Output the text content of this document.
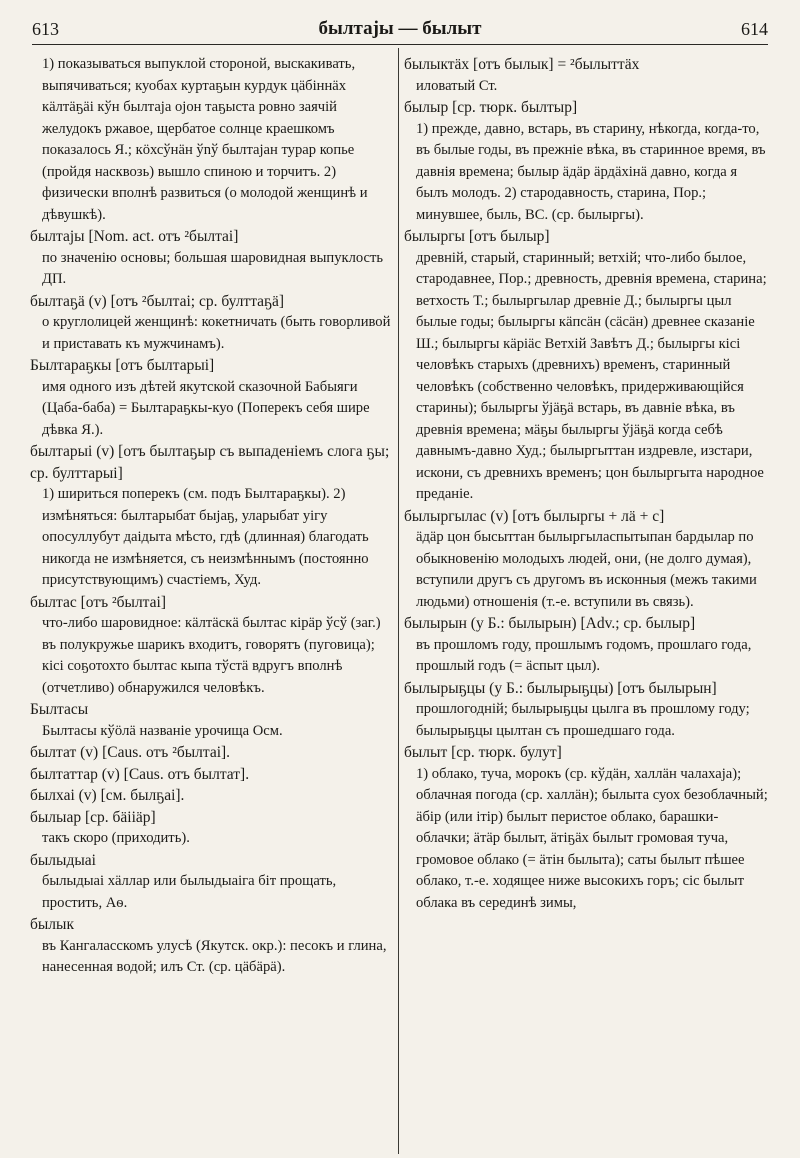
613	былтаjы — былыт	614
1) показываться выпуклой стороной, выскакивать, выпячиваться; куобах куртаҕын курдук цäбiннäх кäлтäҕäi кўн былтаjа ојон таҕыста ровно заячій желудокъ ржавое, щербатое солнце краешкомъ показалось Я.; кöхсўнäн ўnў былтаjан турар копье (пройдя насквозь) вышло спиною и торчитъ. 2) физически вполнѣ развиться (о молодой женщинѣ и дѣвушкѣ).
былтаjы [Nom. act. отъ ²былтаі]
по значенію основы; большая шаровидная выпуклость ДП.
былтаҕä (v) [отъ ²былтаі; ср. булттаҕä]
о круглолицей женщинѣ: кокетничать (быть говорливой и приставать къ мужчинамъ).
Былтараҕкы [отъ былтарыі]
имя одного изъ дѣтей якутской сказочной Бабыяги (Цаба-баба) = Былтараҕкы-куо (Поперекъ себя шире дѣвка Я.).
былтарыі (v) [отъ былтаҕыр съ выпаденіемъ слога ҕы; ср. булттарыі]
1) шириться поперекъ (см. подъ Былтараҕкы). 2) измѣняться: былтарыбат быјаҕ, уларыбат уiгу опосуллубут даiдыта мѣсто, гдѣ (длинная) благодать никогда не измѣняется, съ неизмѣннымъ (постоянно присутствующимъ) счастіемъ, Худ.
былтас [отъ ²былтаі]
что-либо шаровидное: кäлтäскä былтас кiрäр ўсў (заг.) въ полукружье шарикъ входитъ, говорятъ (пуговица); кiсi соҕотохто былтас кыпа тўстä вдругъ вполнѣ (отчетливо) обнаружился человѣкъ.
Былтасы
Былтасы кўöлä названіе урочища Осм.
былтат (v) [Caus. отъ ²былтаі].
былтаттар (v) [Caus. отъ былтат].
былхаі (v) [см. былҕаі].
былыар [ср. бäiiäр]
такъ скоро (приходить).
былыдыаі
былыдыаі хäллар или былыдыаiга бiт прощать, простить, Аѳ.
былык
въ Кангаласскомъ улусѣ (Якутск. окр.): песокъ и глина, нанесенная водой; илъ Ст. (ср. цäбäрä).
былыктäх [отъ былык] = ²былыттäх
иловатый Ст.
былыр [ср. тюрк. былтыр]
1) прежде, давно, встарь, въ старину, нѣкогда, когда-то, въ былые годы, въ прежніе вѣка, въ старинное время, въ давнія времена; былыр äдäр äрдäхiнä давно, когда я былъ молодъ. 2) стародавность, старина, Пор.; минувшее, быль, ВС. (ср. былыргы).
былыргы [отъ былыр]
древній, старый, старинный; ветхій; что-либо былое, стародавнее, Пор.; древность, древнія времена, старина; ветхость Т.; былыргылар древніе Д.; былыргы цыл былые годы; былыргы кäпсäн (сäсäн) древнее сказаніе Ш.; былыргы кäрiäс Ветхій Завѣтъ Д.; былыргы кiсi человѣкъ старыхъ (древнихъ) временъ, старинный человѣкъ (собственно человѣкъ, придерживающійся старины); былыргы ўjäҕä встарь, въ давніе вѣка, въ древнія времена; мäҕы былыргы ўjäҕä когда себѣ давнымъ-давно Худ.; былыргыттан издревле, изстари, искони, съ древнихъ временъ; цон былыргыта народное преданіе.
былыргылас (v) [отъ былыргы + лä + с]
äдäр цон бысыттан былыргыласпытыпан бардылар по обыкновенію молодыхъ людей, они, (не долго думая), вступили другъ съ другомъ въ исконныя (межъ такими людьми) отношенія (т.-е. вступили въ связь).
былырын (у Б.: былырын) [Adv.; ср. былыр]
въ прошломъ году, прошлымъ годомъ, прошлаго года, прошлый годъ (= äспыт цыл).
былырыҕцы (у Б.: былырыҕцы) [отъ былырын]
прошлогодній; былырыҕцы цылга въ прошлому году; былырыҕцы цылтан съ прошедшаго года.
былыт [ср. тюрк. булут]
1) облако, туча, морокъ (ср. кўдäн, халлäн чалахаjа); облачная погода (ср. халлäн); былыта суох безоблачный; äбiр (или iтiр) былыт перистое облако, барашки-облачки; äтäр былыт, äтiҕäх былыт громовая туча, громовое облако (= äтiн былыта); саты былыт пѣшее облако, т.-е. ходящее ниже высокихъ горъ; сiс былыт облака въ серединѣ зимы,
